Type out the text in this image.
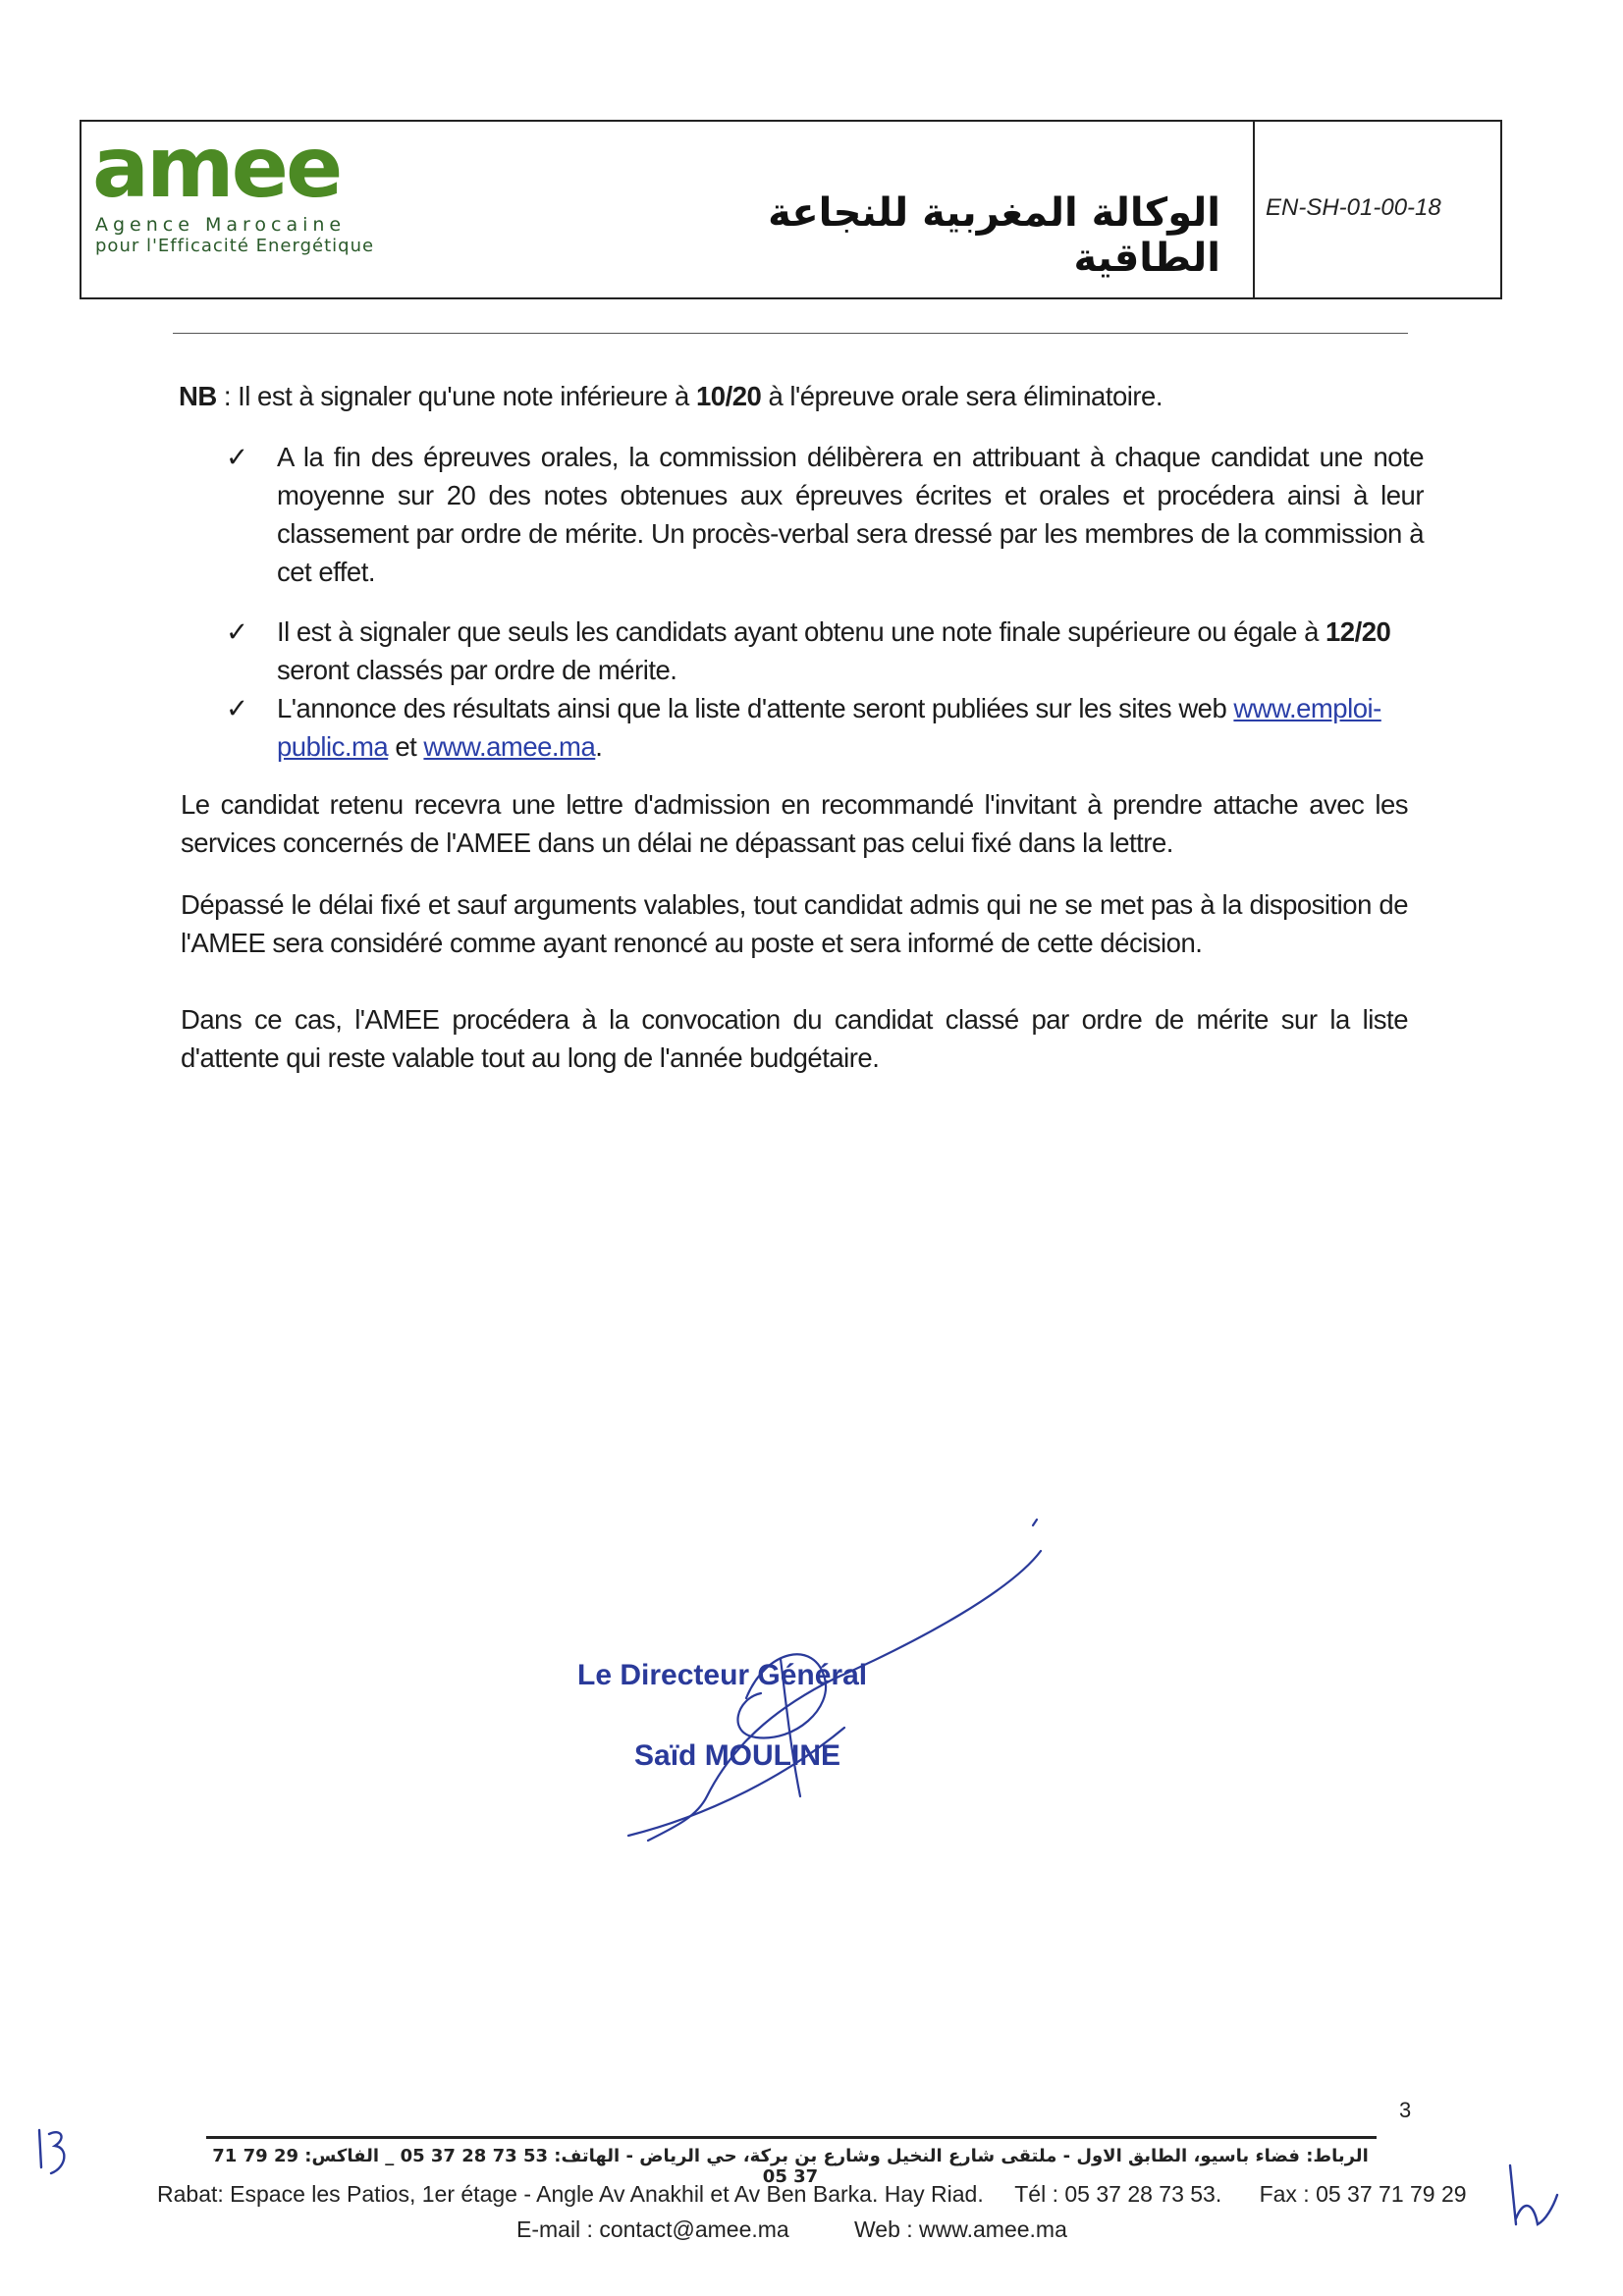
amee
Agence Marocaine
pour l'Efficacité Energétique
الوكالة المغربية للنجاعة الطاقية
EN-SH-01-00-18
NB : Il est à signaler qu'une note inférieure à 10/20 à l'épreuve orale sera éliminatoire.
✓ A la fin des épreuves orales, la commission délibèrera en attribuant à chaque candidat une note moyenne sur 20 des notes obtenues aux épreuves écrites et orales et procédera ainsi à leur classement par ordre de mérite. Un procès-verbal sera dressé par les membres de la commission à cet effet.
✓ Il est à signaler que seuls les candidats ayant obtenu une note finale supérieure ou égale à 12/20 seront classés par ordre de mérite.
✓ L'annonce des résultats ainsi que la liste d'attente seront publiées sur les sites web www.emploi-public.ma et www.amee.ma.
Le candidat retenu recevra une lettre d'admission en recommandé l'invitant à prendre attache avec les services concernés de l'AMEE dans un délai ne dépassant pas celui fixé dans la lettre.
Dépassé le délai fixé et sauf arguments valables, tout candidat admis qui ne se met pas à la disposition de l'AMEE sera considéré comme ayant renoncé au poste et sera informé de cette décision.
Dans ce cas, l'AMEE procédera à la convocation du candidat classé par ordre de mérite sur la liste d'attente qui reste valable tout au long de l'année budgétaire.
Le Directeur Général
Saïd MOULINE
3
الرباط: فضاء باسيو، الطابق الاول - ملتقى شارع النخيل وشارع بن بركة، حي الرياض - الهاتف: 53 73 28 37 05 _ الفاكس: 29 79 71 37 05
Rabat: Espace les Patios, 1er étage - Angle Av Anakhil et Av Ben Barka. Hay Riad.     Tél : 05 37 28 73 53.      Fax : 05 37 71 79 29
E-mail : contact@amee.ma	Web : www.amee.ma
